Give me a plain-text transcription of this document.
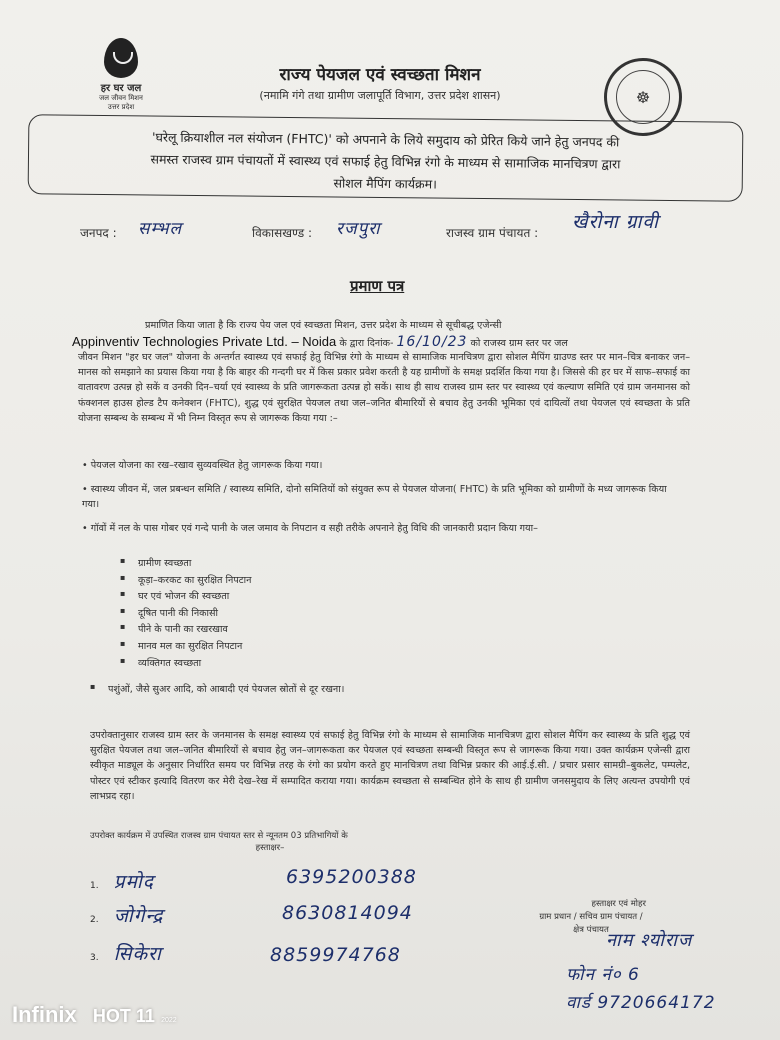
हर घर जल
जल जीवन मिशन
उत्तर प्रदेश
राज्य पेयजल एवं स्वच्छता मिशन
(नमामि गंगे तथा ग्रामीण जलापूर्ति विभाग, उत्तर प्रदेश शासन)	☸
'घरेलू क्रियाशील नल संयोजन (FHTC)' को अपनाने के लिये समुदाय को प्रेरित किये जाने हेतु जनपद की
समस्त राजस्व ग्राम पंचायतों में स्वास्थ्य एवं सफाई हेतु विभिन्न रंगो के माध्यम से सामाजिक मानचित्रण द्वारा
सोशल मैपिंग कार्यक्रम।
जनपद : सम्भल	विकासखण्ड : रजपुरा	राजस्व ग्राम पंचायत : खैरोना ग्रावी
प्रमाण पत्र
प्रमाणित किया जाता है कि राज्य पेय जल एवं स्वच्छता मिशन, उत्तर प्रदेश के माध्यम से सूचीबद्ध एजेन्सी
Appinventiv Technologies Private Ltd. – Noida के द्वारा दिनांक- 16/10/23 को राजस्व ग्राम स्तर पर जल
जीवन मिशन "हर घर जल" योजना के अन्तर्गत स्वास्थ्य एवं सफाई हेतु विभिन्न रंगो के माध्यम से सामाजिक मानचित्रण द्वारा सोशल मैपिंग ग्राउण्ड स्तर पर मान–चित्र बनाकर जन–मानस को समझाने का प्रयास किया गया है कि बाहर की गन्दगी घर में किस प्रकार प्रवेश करती है यह ग्रामीणों के समक्ष प्रदर्शित किया गया है। जिससे की हर घर में साफ–सफाई का वातावरण उत्पन्न हो सकें व उनकी दिन–चर्या एवं स्वास्थ्य के प्रति जागरूकता उत्पन्न हो सकें। साथ ही साथ राजस्व ग्राम स्तर पर स्वास्थ्य एवं कल्याण समिति एवं ग्राम जनमानस को फंक्शनल हाउस होल्ड टैप कनेक्शन (FHTC), शुद्ध एवं सुरक्षित पेयजल तथा जल–जनित बीमारियों से बचाव हेतु उनकी भूमिका एवं दायित्वों तथा पेयजल एवं स्वच्छता के प्रति योजना सम्बन्ध के सम्बन्ध में भी निम्न विस्तृत रूप से जागरूक किया गया :–
• पेयजल योजना का रख–रखाव सुव्यवस्थित हेतु जागरूक किया गया।
• स्वास्थ्य जीवन में, जल प्रबन्धन समिति / स्वास्थ्य समिति, दोनो समितियों को संयुक्त रूप से पेयजल योजना( FHTC) के प्रति भूमिका को ग्रामीणों के मध्य जागरूक किया गया।
• गॉवों में नल के पास गोबर एवं गन्दे पानी के जल जमाव के निपटान व सही तरीके अपनाने हेतु विधि की जानकारी प्रदान किया गया–
▪ ग्रामीण स्वच्छता
▪ कूड़ा–करकट का सुरक्षित निपटान
▪ घर एवं भोजन की स्वच्छता
▪ दूषित पानी की निकासी
▪ पीने के पानी का रखरखाव
▪ मानव मल का सुरक्षित निपटान
▪ व्यक्तिगत स्वच्छता
▪ पशुंओं, जैसे सुअर आदि, को आबादी एवं पेयजल स्रोतों से दूर रखना।
उपरोक्तानुसार राजस्व ग्राम स्तर के जनमानस के समक्ष स्वास्थ्य एवं सफाई हेतु विभिन्न रंगो के माध्यम से सामाजिक मानचित्रण द्वारा सोशल मैपिंग कर स्वास्थ्य के प्रति शुद्ध एवं सुरक्षित पेयजल तथा जल–जनित बीमारियों से बचाव हेतु जन–जागरूकता कर पेयजल एवं स्वच्छता सम्बन्धी विस्तृत रूप से जागरूक किया गया। उक्त कार्यक्रम एजेन्सी द्वारा स्वीकृत माड्यूल के अनुसार निर्धारित समय पर विभिन्न तरह के रंगो का प्रयोग करते हुए मानचित्रण तथा विभिन्न प्रकार की आई.ई.सी. / प्रचार प्रसार सामग्री–बुकलेट, पम्पलेट, पोस्टर एवं स्टीकर इत्यादि वितरण कर मेरी देख–रेख में सम्पादित कराया गया। कार्यक्रम स्वच्छता से सम्बन्धित होने के साथ ही ग्रामीण जनसमुदाय के लिए अत्यन्त उपयोगी एवं लाभप्रद रहा।
उपरोक्त कार्यक्रम में उपस्थित राजस्व ग्राम पंचायत स्तर से न्यूनतम 03 प्रतिभागियों के
हस्ताक्षर–
1. प्रमोद	6395200388
2. जोगेन्द्र	8630814094
3. सिकेरा	8859974768
हस्ताक्षर एवं मोहर
ग्राम प्रधान / सचिव ग्राम पंचायत /
क्षेत्र पंचायत
नाम श्योराज
फोन नं० 6
वार्ड 9720664172
Infinix HOT 11 2022
